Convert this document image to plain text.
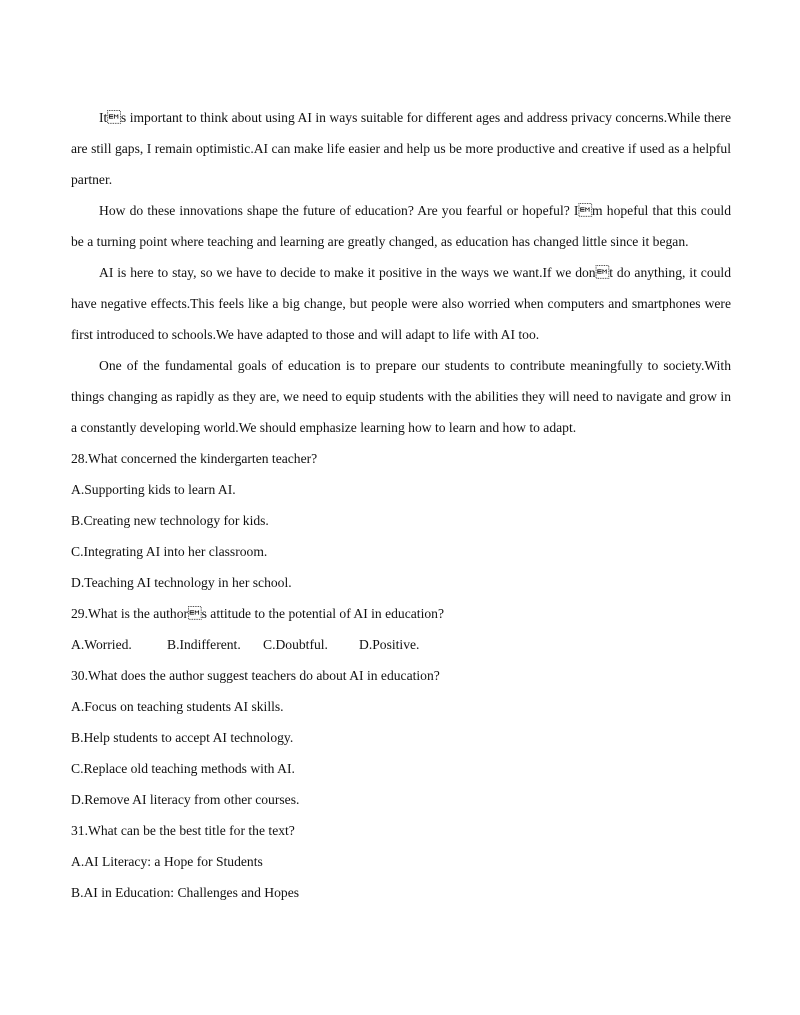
Its important to think about using AI in ways suitable for different ages and address privacy concerns.While there are still gaps, I remain optimistic.AI can make life easier and help us be more productive and creative if used as a helpful partner.

How do these innovations shape the future of education? Are you fearful or hopeful? Im hopeful that this could be a turning point where teaching and learning are greatly changed, as education has changed little since it began.

AI is here to stay, so we have to decide to make it positive in the ways we want.If we dont do anything, it could have negative effects.This feels like a big change, but people were also worried when computers and smartphones were first introduced to schools.We have adapted to those and will adapt to life with AI too.

One of the fundamental goals of education is to prepare our students to contribute meaningfully to society.With things changing as rapidly as they are, we need to equip students with the abilities they will need to navigate and grow in a constantly developing world.We should emphasize learning how to learn and how to adapt.

28.What concerned the kindergarten teacher?

A.Supporting kids to learn AI.

B.Creating new technology for kids.

C.Integrating AI into her classroom.

D.Teaching AI technology in her school.

29.What is the authors attitude to the potential of AI in education?

A.Worried.	B.Indifferent. C.Doubtful. D.Positive.

30.What does the author suggest teachers do about AI in education?

A.Focus on teaching students AI skills.

B.Help students to accept AI technology.

C.Replace old teaching methods with AI.

D.Remove AI literacy from other courses.

31.What can be the best title for the text?

A.AI Literacy: a Hope for Students

B.AI in Education: Challenges and Hopes
